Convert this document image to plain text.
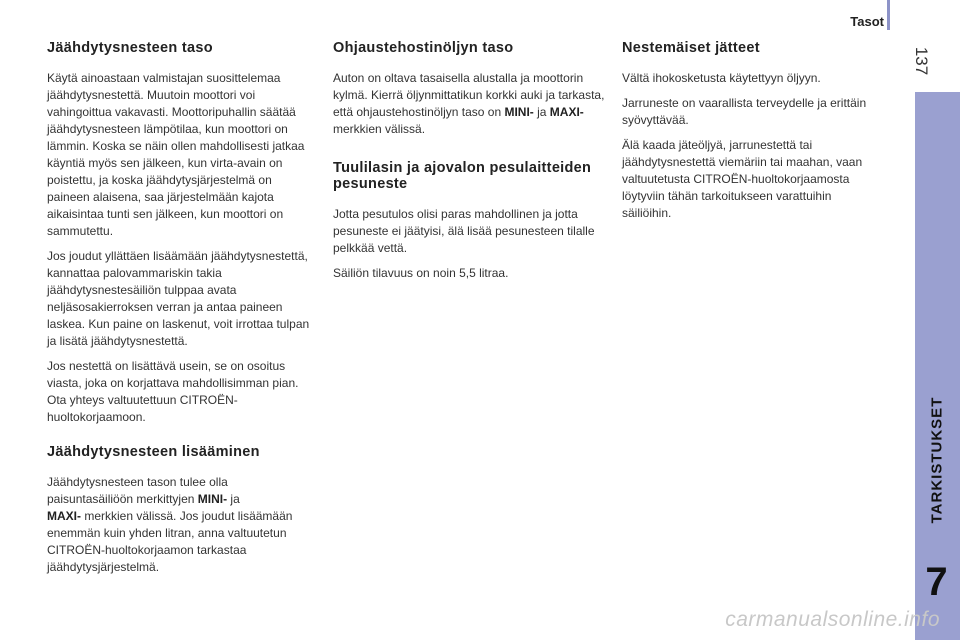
Tasot
137
TARKISTUKSET
7
Jäähdytysnesteen taso

Käytä ainoastaan valmistajan suosittelemaa jäähdytysnestettä. Muutoin moottori voi vahingoittua vakavasti. Moottoripuhallin säätää jäähdytysnesteen lämpötilaa, kun moottori on lämmin. Koska se näin ollen mahdollisesti jatkaa käyntiä myös sen jälkeen, kun virta-avain on poistettu, ja koska jäähdytysjärjestelmä on paineen alaisena, saa järjestelmään kajota aikaisintaa tunti sen jälkeen, kun moottori on sammutettu.

Jos joudut yllättäen lisäämään jäähdytysnestettä, kannattaa palovammariskin takia jäähdytysnestesäiliön tulppaa avata neljäsosakierroksen verran ja antaa paineen laskea. Kun paine on laskenut, voit irrottaa tulpan ja lisätä jäähdytysnestettä.

Jos nestettä on lisättävä usein, se on osoitus viasta, joka on korjattava mahdollisimman pian. Ota yhteys valtuutettuun CITROËN-huoltokorjaamoon.

Jäähdytysnesteen lisääminen

Jäähdytysnesteen tason tulee olla paisuntasäiliöön merkittyjen MINI- ja
MAXI- merkkien välissä. Jos joudut lisäämään enemmän kuin yhden litran, anna valtuutetun CITROËN-huoltokorjaamon tarkastaa jäähdytysjärjestelmä.

Ohjaustehostinöljyn taso

Auton on oltava tasaisella alustalla ja moottorin kylmä. Kierrä öljynmittatikun korkki auki ja tarkasta, että ohjaustehostinöljyn taso on MINI- ja MAXI-merkkien välissä.

Tuulilasin ja ajovalon pesulaitteiden pesuneste

Jotta pesutulos olisi paras mahdollinen ja jotta pesuneste ei jäätyisi, älä lisää pesunesteen tilalle pelkkää vettä.

Säiliön tilavuus on noin 5,5 litraa.

Nestemäiset jätteet

Vältä ihokosketusta käytettyyn öljyyn.

Jarruneste on vaarallista terveydelle ja erittäin syövyttävää.

Älä kaada jäteöljyä, jarrunestettä tai jäähdytysnestettä viemäriin tai maahan, vaan valtuutetusta CITROËN-huoltokorjaamosta löytyviin tähän tarkoitukseen varattuihin säiliöihin.

carmanualsonline.info
